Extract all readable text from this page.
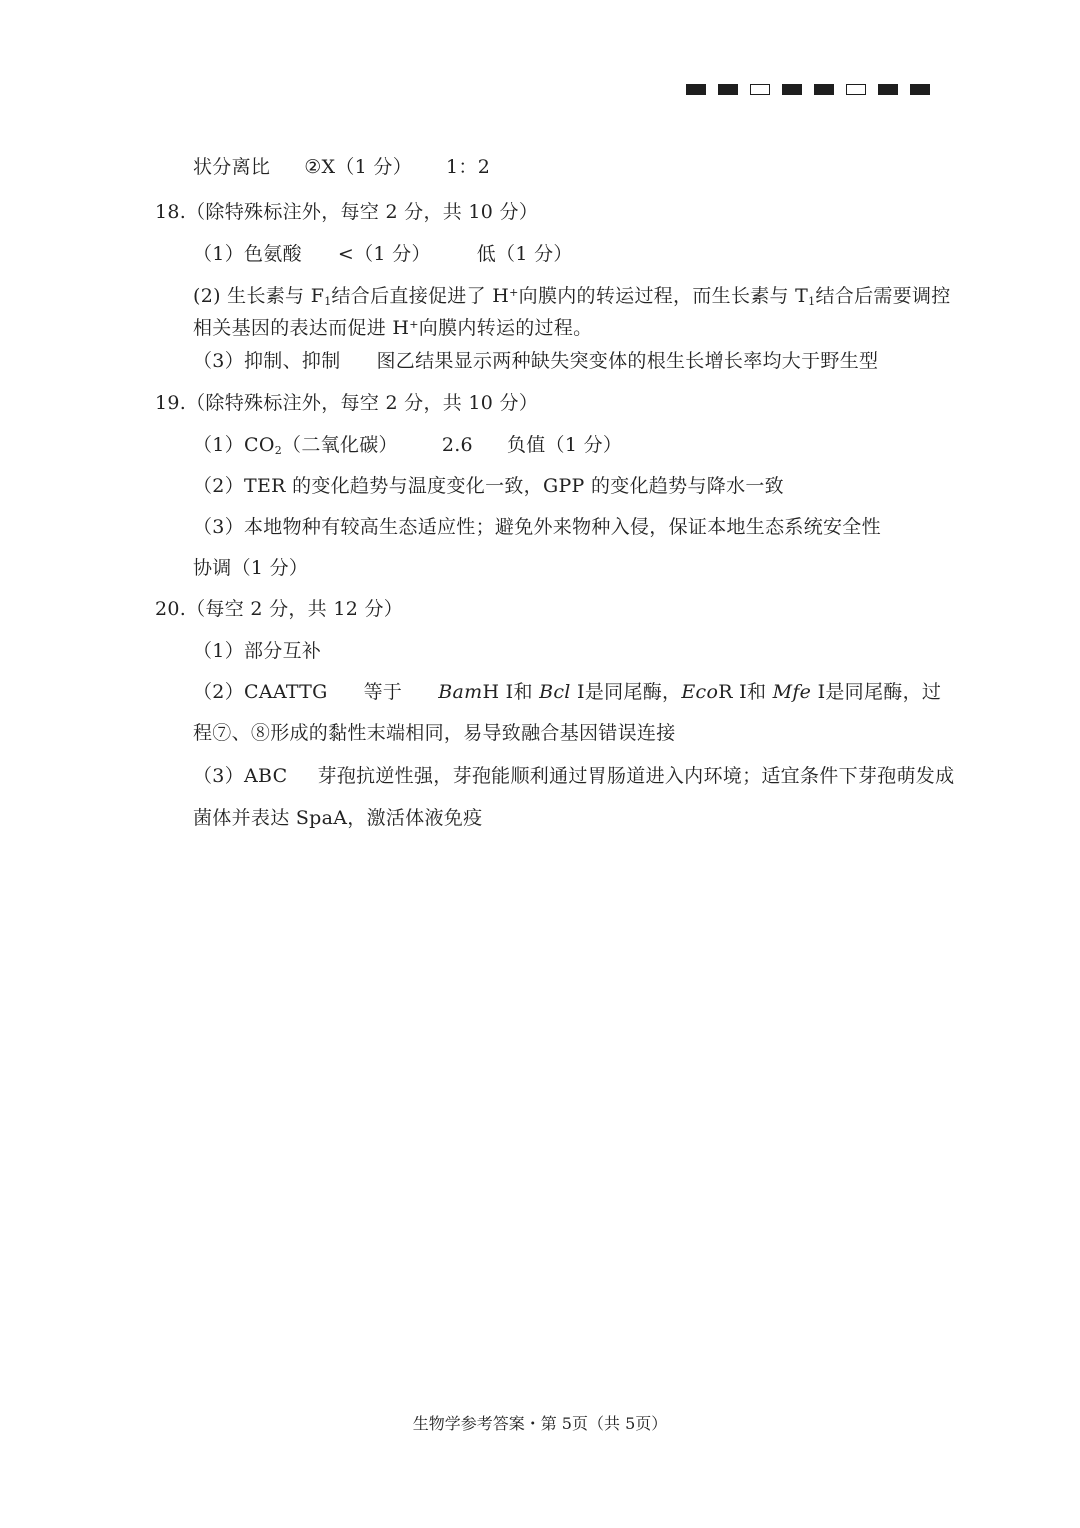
状分离比 ②X（1 分） 1：2
18.（除特殊标注外，每空 2 分，共 10 分）
（1）色氨酸 <（1 分） 低（1 分）
(2) 生长素与 $F_1$结合后直接促进了 H+向膜内的转运过程，而生长素与 $T_1$结合后需要调控
相关基因的表达而促进 H+向膜内转运的过程。
（3）抑制、抑制 图乙结果显示两种缺失突变体的根生长增长率均大于野生型
19.（除特殊标注外，每空 2 分，共 10 分）
$(1)CO_2$（二氧化碳） 2.6 负值（1 分）
（2）TER 的变化趋势与温度变化一致，GPP 的变化趋势与降水一致
（3）本地物种有较高生态适应性；避免外来物种入侵，保证本地生态系统安全性
协调（1 分）
20.（每空 2 分，共 12 分）
（1）部分互补
（2）CAATTG 等于 BamH Ⅰ和 Bcl Ⅰ是同尾酶，EcoR Ⅰ和 Mfe Ⅰ是同尾酶，过
程⑦、⑧形成的黏性末端相同，易导致融合基因错误连接
（3）ABC 芽孢抗逆性强，芽孢能顺利通过胃肠道进入内环境；适宜条件下芽孢萌发成
菌体并表达 SpaA，激活体液免疫
生物学参考答案・第 5页（共 5页）
